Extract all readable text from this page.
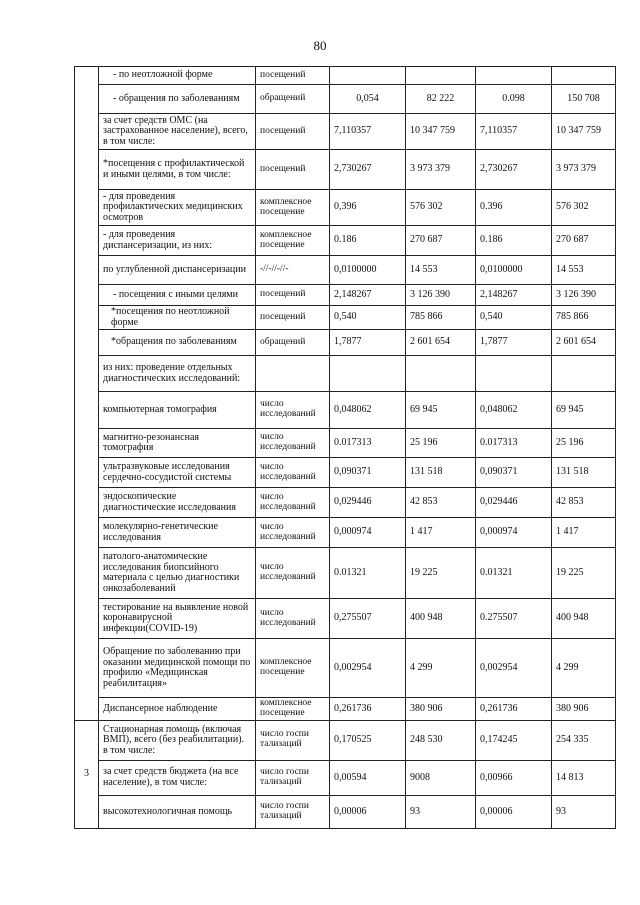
80
	- по неотложной форме	посещений				
	- обращения по заболеваниям	обращений	0,054	82 222	0.098	150 708
	за счет средств ОМС (на застрахованное население), всего, в том числе:	посещений	7,110357	10 347 759	7,110357	10 347 759
	*посещения с профилактической и иными целями, в том числе:	посещений	2,730267	3 973 379	2,730267	3 973 379
	- для проведения профилактических медицинских осмотров	комплексное посещение	0,396	576 302	0.396	576 302
	- для проведения диспансеризации, из них:	комплексное посещение	0.186	270 687	0.186	270 687
	по углубленной диспансеризации	-//-//-//-	0,0100000	14 553	0,0100000	14 553
	- посещения с иными целями	посещений	2,148267	3 126 390	2,148267	3 126 390
	*посещения по неотложной форме	посещений	0,540	785 866	0,540	785 866
	*обращения по заболеваниям	обращений	1,7877	2 601 654	1,7877	2 601 654
	из них: проведение отдельных диагностических исследований:					
	компьютерная томография	число исследований	0,048062	69 945	0,048062	69 945
	магнитно-резонансная томография	число исследований	0.017313	25 196	0.017313	25 196
	ультразвуковые исследования сердечно-сосудистой системы	число исследований	0,090371	131 518	0,090371	131 518
	эндоскопические диагностические исследования	число исследований	0,029446	42 853	0,029446	42 853
	молекулярно-генетические исследования	число исследований	0,000974	1 417	0,000974	1 417
	патолого-анатомические исследования биопсийного материала с целью диагностики онкозаболеваний	число исследований	0.01321	19 225	0.01321	19 225
	тестирование на выявление новой коронавирусной инфекции(COVID-19)	число исследований	0,275507	400 948	0.275507	400 948
	Обращение по заболеванию при оказании медицинской помощи по профилю «Медицинская реабилитация»	комплексное посещение	0,002954	4 299	0,002954	4 299
	Диспансерное наблюдение	комплексное посещение	0,261736	380 906	0,261736	380 906
3	Стационарная помощь (включая ВМП), всего (без реабилитации). в том числе:	число госпи тализаций	0,170525	248 530	0,174245	254 335
	за счет средств бюджета (на все население), в том числе:	число госпи тализаций	0,00594	9008	0,00966	14 813
	высокотехнологичная помощь	число госпи тализаций	0,00006	93	0,00006	93
